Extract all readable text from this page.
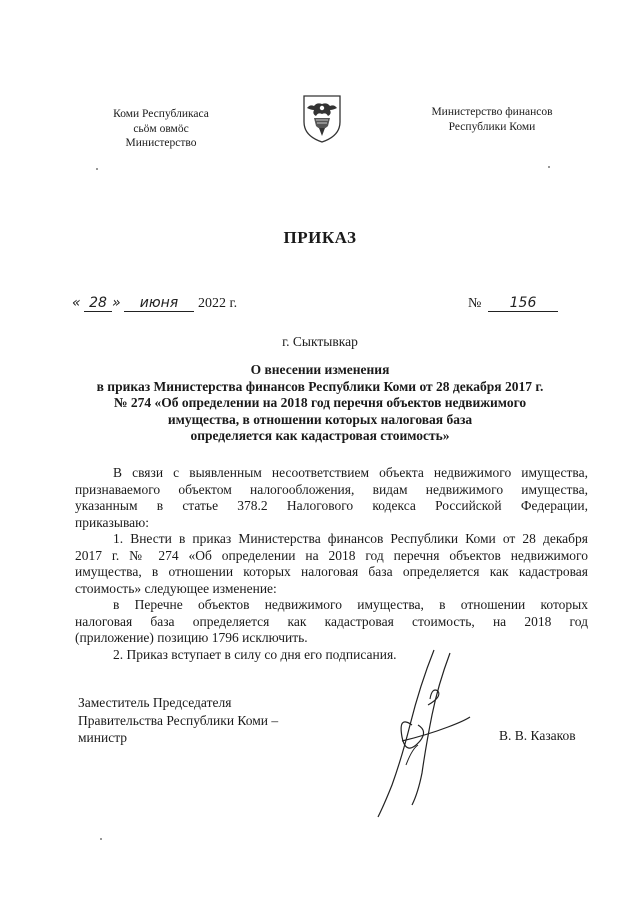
Коми Республикаса
сьӧм овмӧс
Министерство
Министерство финансов
Республики Коми
ПРИКАЗ
« 28 »	июня	2022 г.	№	156
г. Сыктывкар
О внесении изменения
в приказ Министерства финансов Республики Коми от 28 декабря 2017 г.
№ 274 «Об определении на 2018 год перечня объектов недвижимого
имущества, в отношении которых налоговая база
определяется как кадастровая стоимость»
В связи с выявленным несоответствием объекта недвижимого имущества,
признаваемого объектом налогообложения, видам недвижимого имущества,
указанным в статье 378.2 Налогового кодекса Российской Федерации,
приказываю:
1. Внести в приказ Министерства финансов Республики Коми от 28 декабря
2017 г. № 274 «Об определении на 2018 год перечня объектов недвижимого
имущества, в отношении которых налоговая база определяется как кадастровая
стоимость» следующее изменение:
в Перечне объектов недвижимого имущества, в отношении которых
налоговая база определяется как кадастровая стоимость, на 2018 год
(приложение) позицию 1796 исключить.
2. Приказ вступает в силу со дня его подписания.
Заместитель Председателя
Правительства Республики Коми –
министр	В. В. Казаков
